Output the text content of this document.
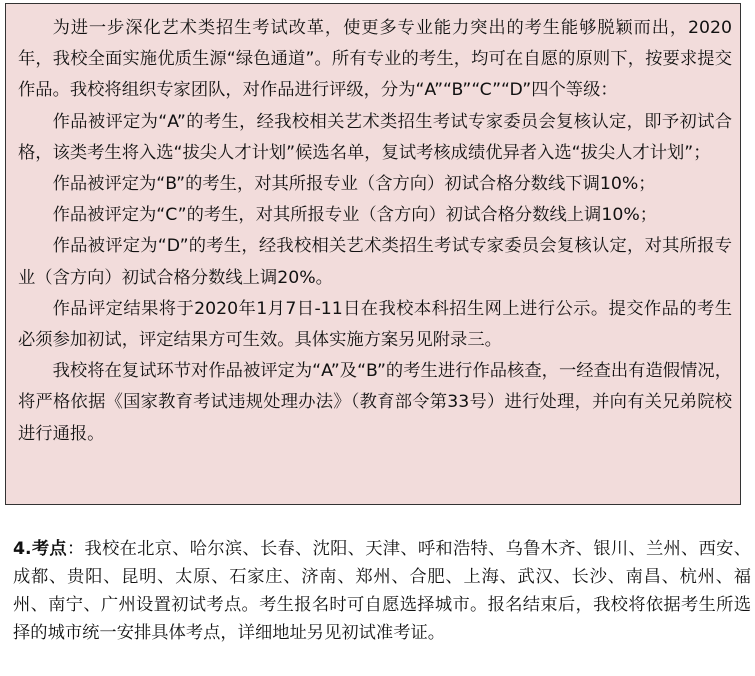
为进一步深化艺术类招生考试改革，使更多专业能力突出的考生能够脱颖而出，2020年，我校全面实施优质生源“绿色通道”。所有专业的考生，均可在自愿的原则下，按要求提交作品。我校将组织专家团队，对作品进行评级，分为“A”“B”“C”“D”四个等级：

作品被评定为“A”的考生，经我校相关艺术类招生考试专家委员会复核认定，即予初试合格，该类考生将入选“拔尖人才计划”候选名单，复试考核成绩优异者入选“拔尖人才计划”；

作品被评定为“B”的考生，对其所报专业（含方向）初试合格分数线下调10%；

作品被评定为“C”的考生，对其所报专业（含方向）初试合格分数线上调10%；

作品被评定为“D”的考生，经我校相关艺术类招生考试专家委员会复核认定，对其所报专业（含方向）初试合格分数线上调20%。

作品评定结果将于2020年1月7日-11日在我校本科招生网上进行公示。提交作品的考生必须参加初试，评定结果方可生效。具体实施方案另见附录三。

我校将在复试环节对作品被评定为“A”及“B”的考生进行作品核查，一经查出有造假情况，将严格依据《国家教育考试违规处理办法》（教育部令第33号）进行处理，并向有关兄弟院校进行通报。

4.考点：我校在北京、哈尔滨、长春、沈阳、天津、呼和浩特、乌鲁木齐、银川、兰州、西安、成都、贵阳、昆明、太原、石家庄、济南、郑州、合肥、上海、武汉、长沙、南昌、杭州、福州、南宁、广州设置初试考点。考生报名时可自愿选择城市。报名结束后，我校将依据考生所选择的城市统一安排具体考点，详细地址另见初试准考证。
